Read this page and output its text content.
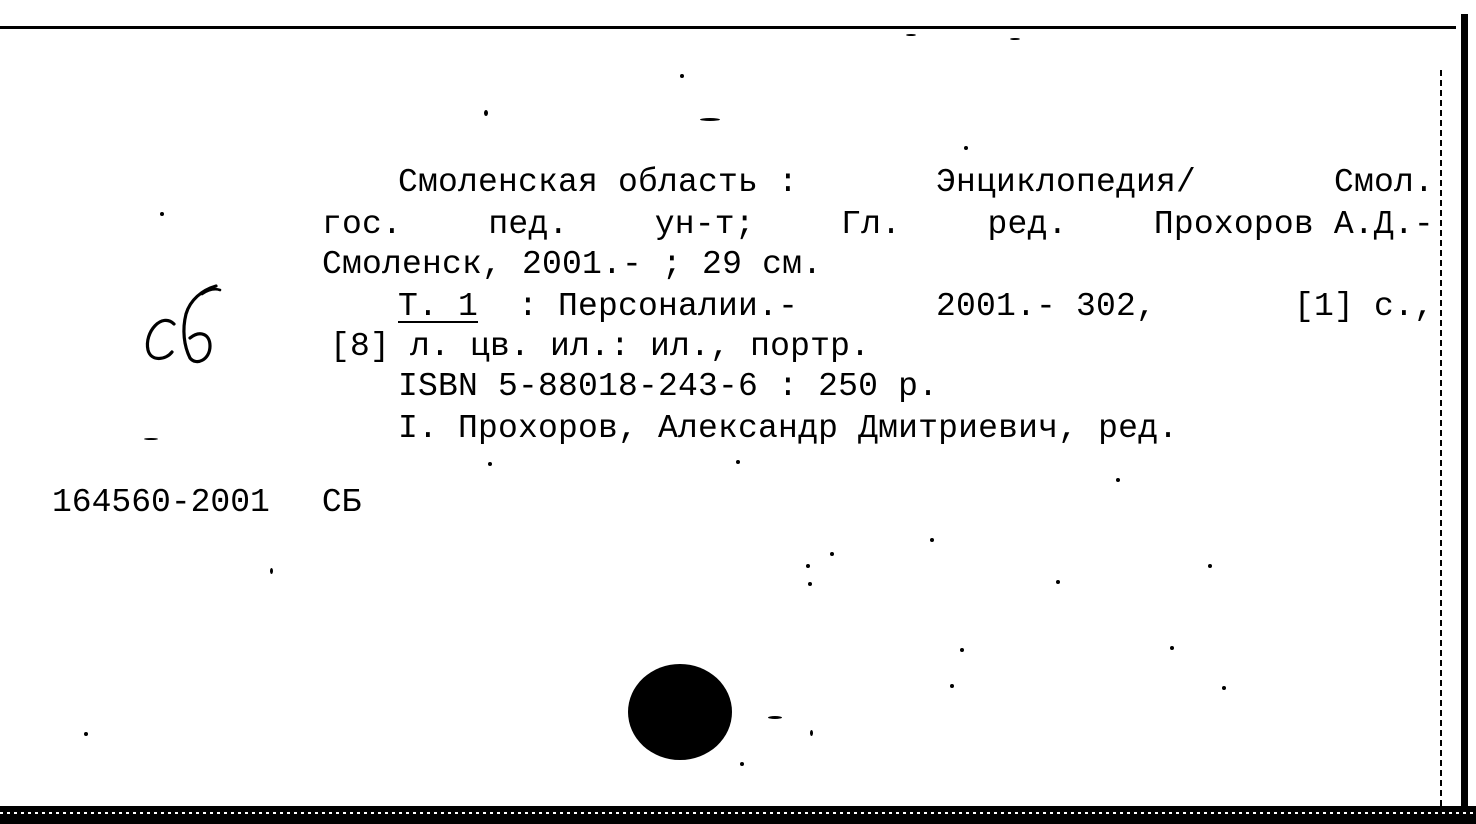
Смоленская область :	Энциклопедия/	Смол.
гос.	пед.	ун-т;	Гл.	ред.	Прохоров А.Д.-
Смоленск, 2001.- ; 29 см.
Т. 1  : Персоналии.-	2001.- 302,	[1] с.,
[8] л. цв. ил.: ил., портр.
ISBN 5-88018-243-6 : 250 р.
I. Прохоров, Александр Дмитриевич, ред.
164560-2001 СБ
